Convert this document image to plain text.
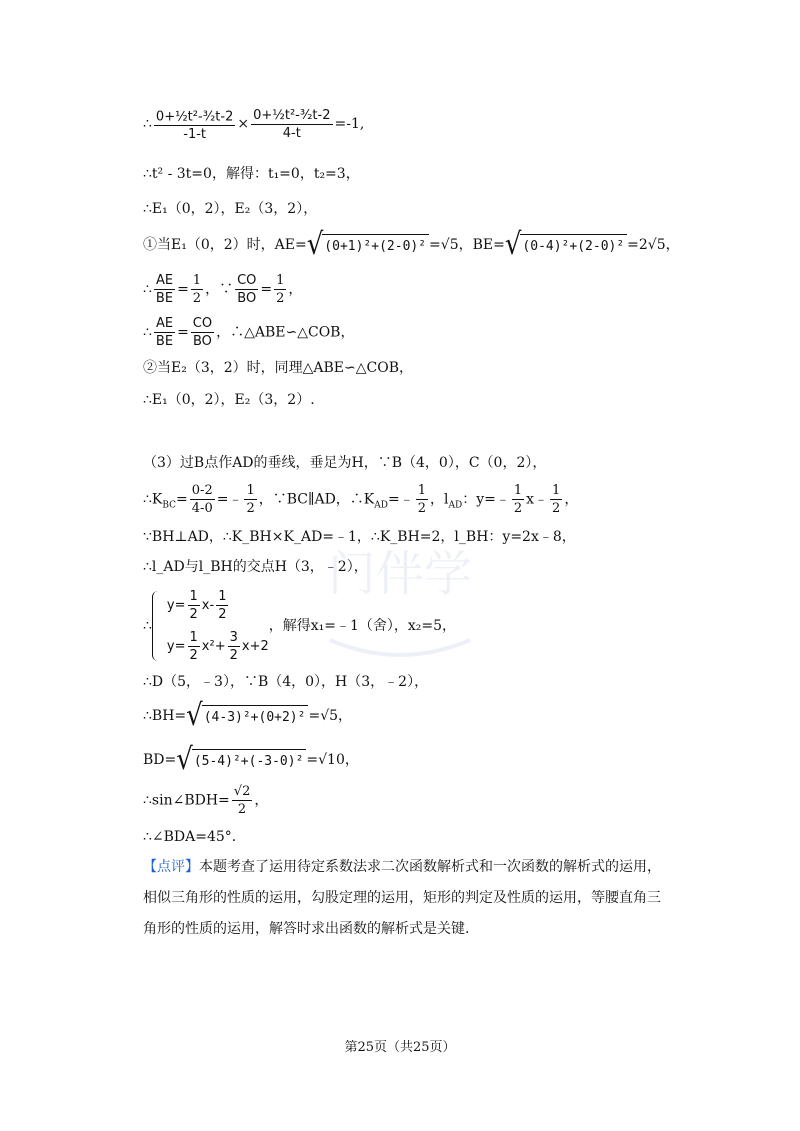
门伴学
∴ $\frac{\text{0+½t²-³⁄₂t-2}}{-1-t} \times \frac{\text{0+½t²-³⁄₂t-2}}{4-t} =-1$,
∴t² - 3t=0，解得：t₁=0，t₂=3，
∴E₁（0，2），E₂（3，2），
①当E₁（0，2）时，AE= √ (0+1)²+(2-0)² =√5，BE= √ (0-4)²+(2-0)² =2√5，
∴ $\frac{AE}{BE} = \frac{1}{2}$ ，∵ $\frac{CO}{BO} = \frac{1}{2}$ ，
∴ $\frac{AE}{BE} = \frac{CO}{BO}$ ，∴△ABE∽△COB，
②当E₂（3，2）时，同理△ABE∽△COB，
∴E₁（0，2），E₂（3，2）.
（3）过B点作AD的垂线，垂足为H，∵B（4，0），C（0，2），
$\therefore K_{BC}= \frac{0-2}{4-0}$ =﹣ $\frac{1}{2}$ ，∵BC∥AD，$\therefore K_{AD}=﹣ \frac{1}{2}$ ，$l_{AD}$：y=﹣ $\frac{1}{2}$ x﹣ $\frac{1}{2}$ ，
∵BH⊥AD，∴K_BH×K_AD=﹣1，∴K_BH=2，l_BH：y=2x﹣8，
∴l_AD与l_BH的交点H（3，﹣2），
∴
$y= \frac{1}{2} x- \frac{1}{2}$
$y= \frac{1}{2} x^2+ \frac{3}{2} x+2$
，解得x₁=﹣1（舍），x₂=5，
∴D（5，﹣3），∵B（4，0），H（3，﹣2），
∴BH= √ (4-3)²+(0+2)² =√5，
BD= √ (5-4)²+(-3-0)² =√10，
∴sin∠BDH= $\frac{√2}{2}$ ，
∴∠BDA=45°．
【点评】本题考查了运用待定系数法求二次函数解析式和一次函数的解析式的运用，相似三角形的性质的运用，勾股定理的运用，矩形的判定及性质的运用，等腰直角三角形的性质的运用，解答时求出函数的解析式是关键.
第25页（共25页）
